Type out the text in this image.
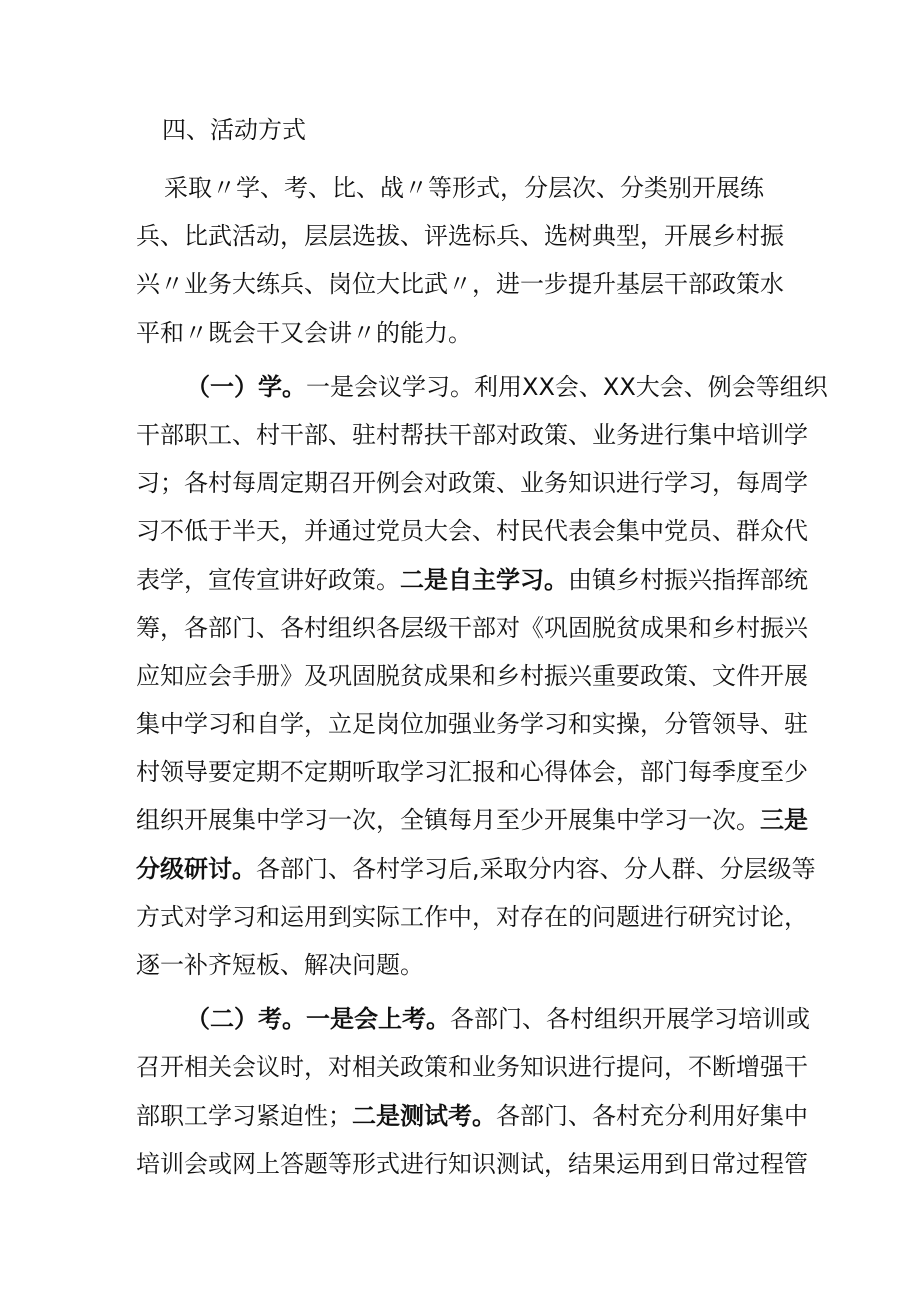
四、活动方式
采取〃学、考、比、战〃等形式，分层次、分类别开展练
兵、比武活动，层层选拔、评选标兵、选树典型，开展乡村振
兴〃业务大练兵、岗位大比武〃，进一步提升基层干部政策水
平和〃既会干又会讲〃的能力。
（一）学。一是会议学习。利用XX会、XX大会、例会等组织
干部职工、村干部、驻村帮扶干部对政策、业务进行集中培训学
习；各村每周定期召开例会对政策、业务知识进行学习，每周学
习不低于半天，并通过党员大会、村民代表会集中党员、群众代
表学，宣传宣讲好政策。二是自主学习。由镇乡村振兴指挥部统
筹，各部门、各村组织各层级干部对《巩固脱贫成果和乡村振兴
应知应会手册》及巩固脱贫成果和乡村振兴重要政策、文件开展
集中学习和自学，立足岗位加强业务学习和实操，分管领导、驻
村领导要定期不定期听取学习汇报和心得体会，部门每季度至少
组织开展集中学习一次，全镇每月至少开展集中学习一次。三是
分级研讨。各部门、各村学习后,采取分内容、分人群、分层级等
方式对学习和运用到实际工作中，对存在的问题进行研究讨论，
逐一补齐短板、解决问题。
（二）考。一是会上考。各部门、各村组织开展学习培训或
召开相关会议时，对相关政策和业务知识进行提问，不断增强干
部职工学习紧迫性；二是测试考。各部门、各村充分利用好集中
培训会或网上答题等形式进行知识测试，结果运用到日常过程管
